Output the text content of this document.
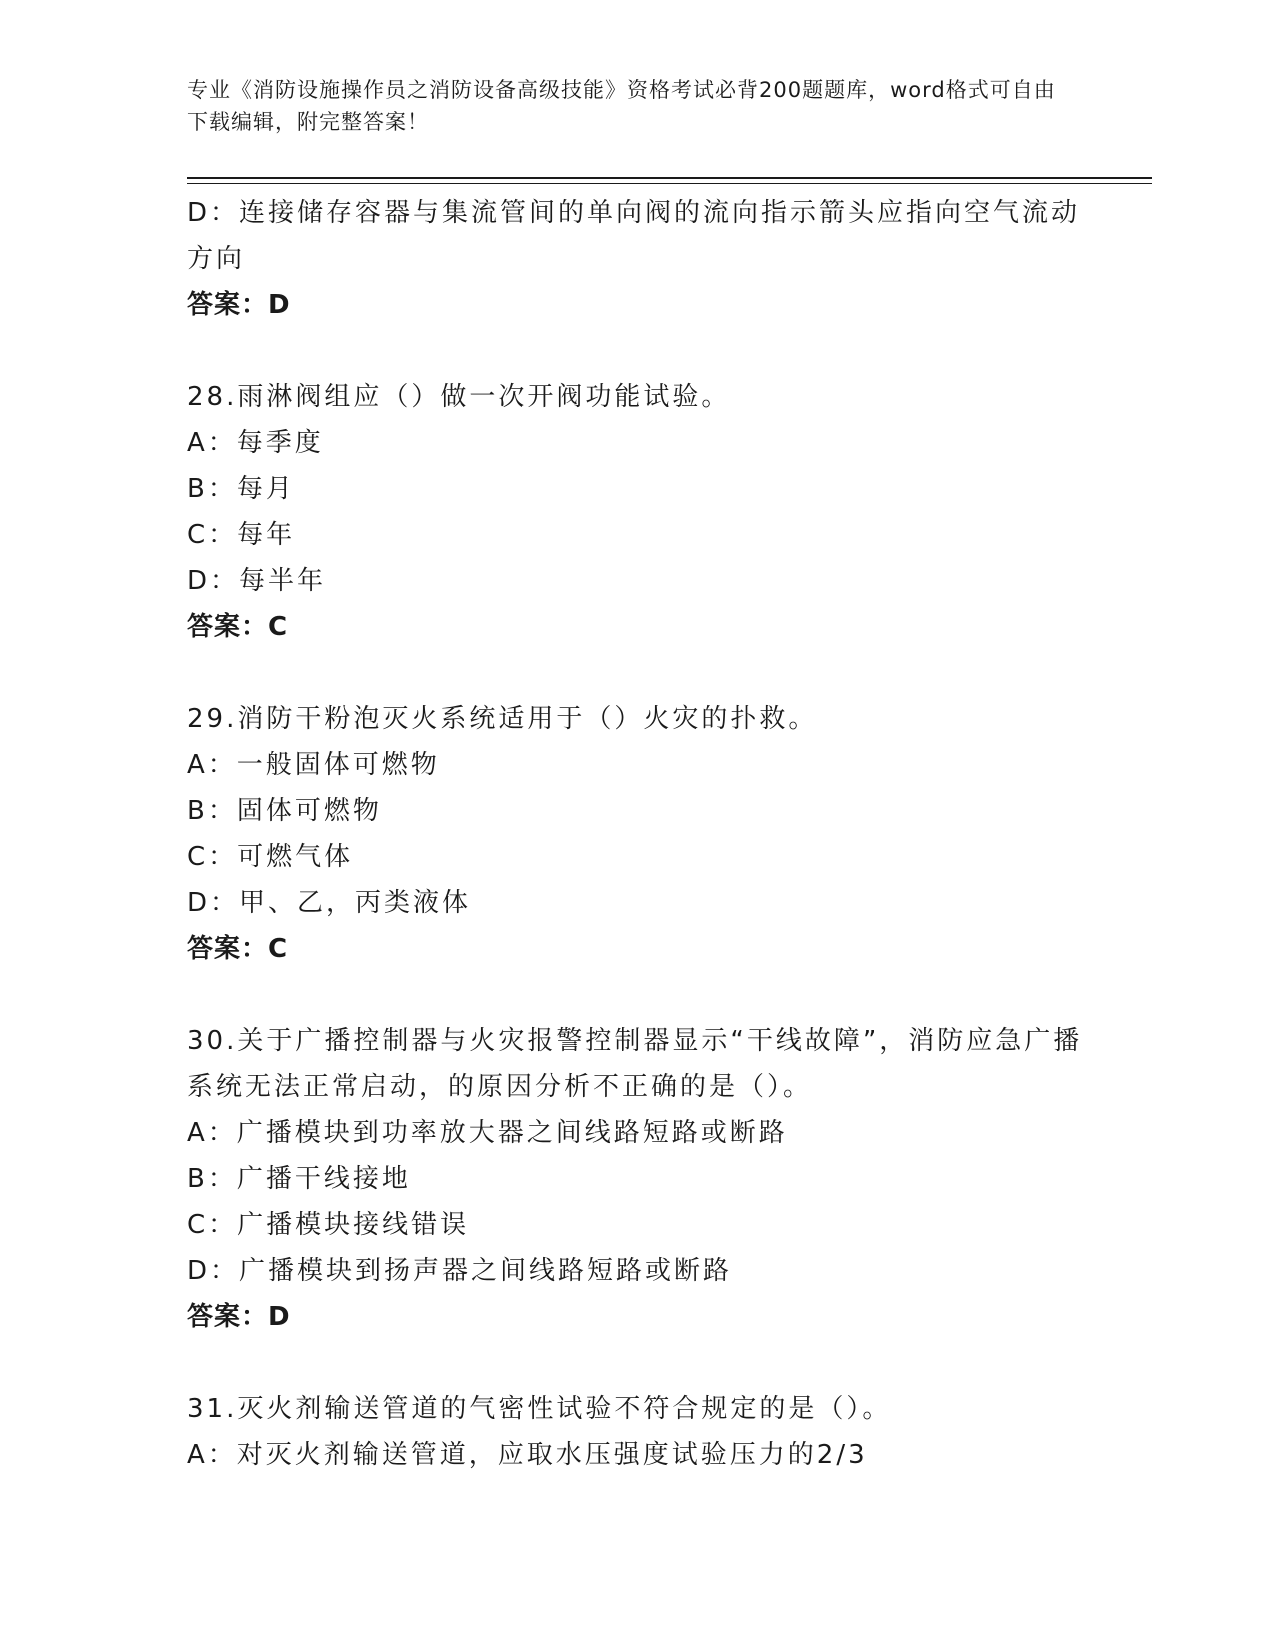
专业《消防设施操作员之消防设备高级技能》资格考试必背200题题库，word格式可自由下载编辑，附完整答案！
D：连接储存容器与集流管间的单向阀的流向指示箭头应指向空气流动方向
答案：D
28.雨淋阀组应（）做一次开阀功能试验。
A：每季度
B：每月
C：每年
D：每半年
答案：C
29.消防干粉泡灭火系统适用于（）火灾的扑救。
A：一般固体可燃物
B：固体可燃物
C：可燃气体
D：甲、乙，丙类液体
答案：C
30.关于广播控制器与火灾报警控制器显示“干线故障”，消防应急广播系统无法正常启动，的原因分析不正确的是（）。
A：广播模块到功率放大器之间线路短路或断路
B：广播干线接地
C：广播模块接线错误
D：广播模块到扬声器之间线路短路或断路
答案：D
31.灭火剂输送管道的气密性试验不符合规定的是（）。
A：对灭火剂输送管道，应取水压强度试验压力的2/3
